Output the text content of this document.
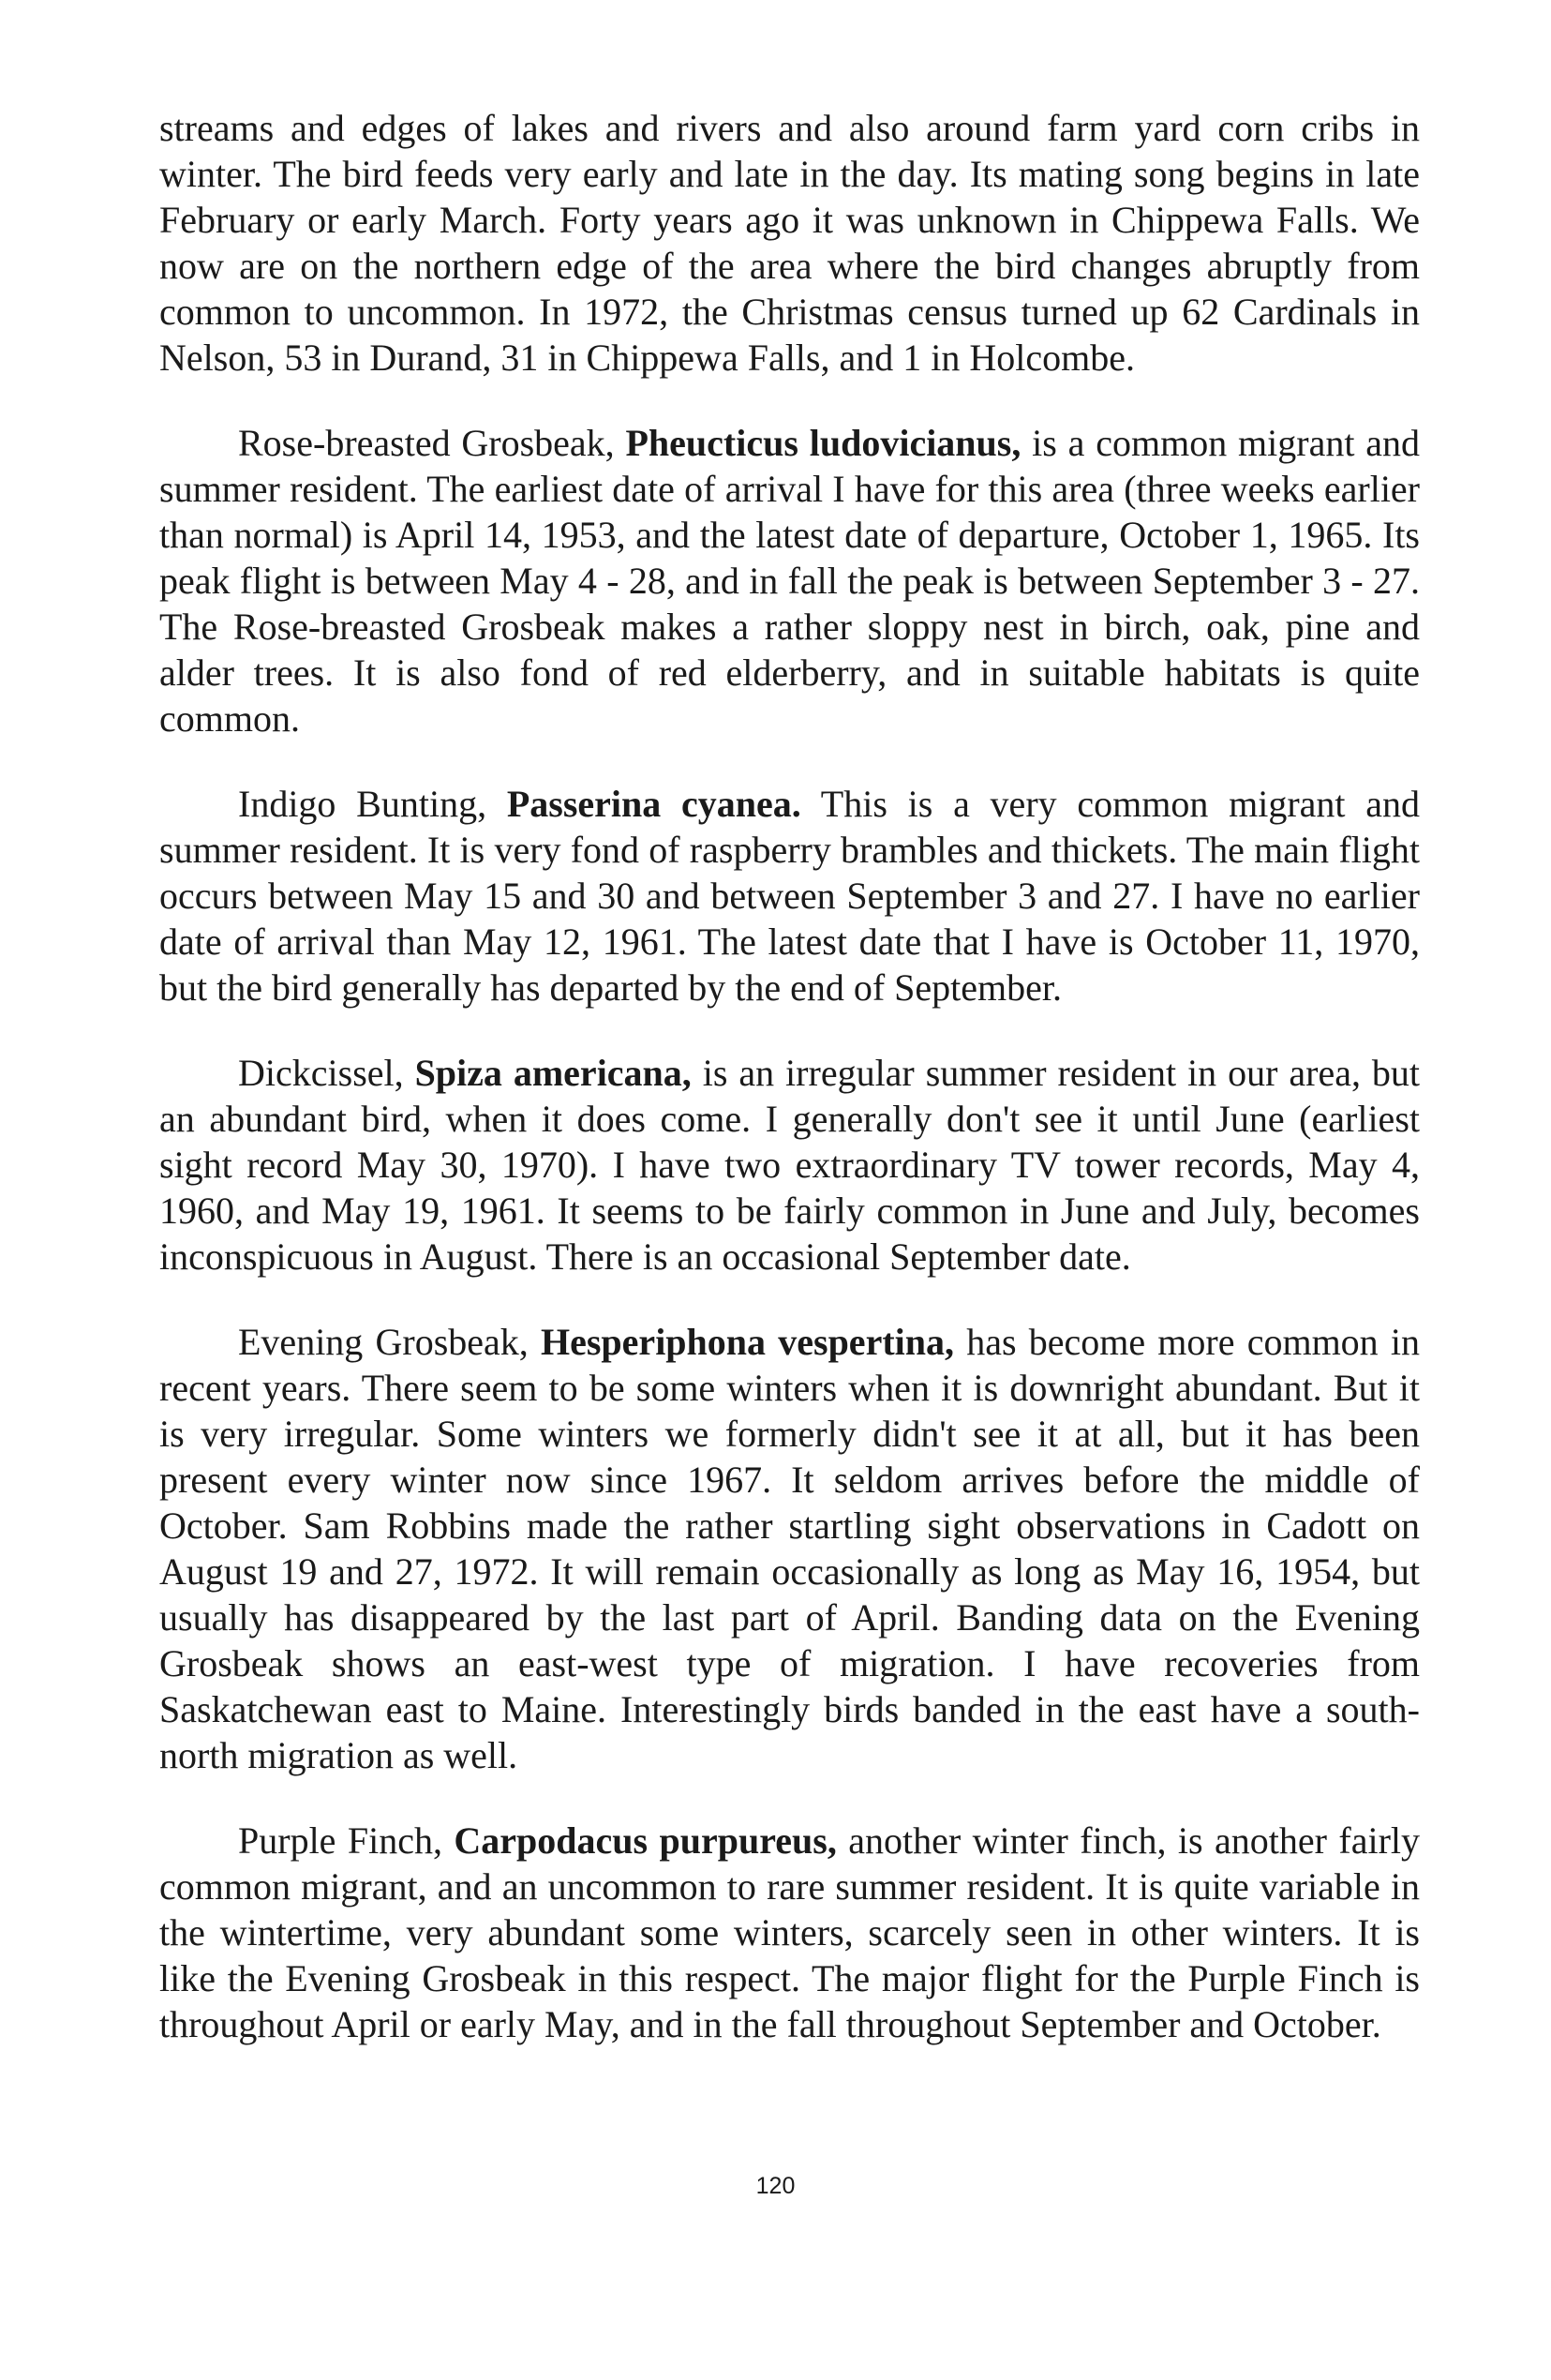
streams and edges of lakes and rivers and also around farm yard corn cribs in winter. The bird feeds very early and late in the day. Its mating song begins in late February or early March. Forty years ago it was unknown in Chippewa Falls. We now are on the northern edge of the area where the bird changes abruptly from common to uncommon. In 1972, the Christmas census turned up 62 Cardinals in Nelson, 53 in Durand, 31 in Chippewa Falls, and 1 in Holcombe.

Rose-breasted Grosbeak, Pheucticus ludovicianus, is a common migrant and summer resident. The earliest date of arrival I have for this area (three weeks earlier than normal) is April 14, 1953, and the latest date of departure, October 1, 1965. Its peak flight is between May 4 - 28, and in fall the peak is between September 3 - 27. The Rose-breasted Grosbeak makes a rather sloppy nest in birch, oak, pine and alder trees. It is also fond of red elderberry, and in suitable habitats is quite common.

Indigo Bunting, Passerina cyanea. This is a very common migrant and summer resident. It is very fond of raspberry brambles and thickets. The main flight occurs between May 15 and 30 and between September 3 and 27. I have no earlier date of arrival than May 12, 1961. The latest date that I have is October 11, 1970, but the bird generally has departed by the end of September.

Dickcissel, Spiza americana, is an irregular summer resident in our area, but an abundant bird, when it does come. I generally don't see it until June (earliest sight record May 30, 1970). I have two extraordinary TV tower records, May 4, 1960, and May 19, 1961. It seems to be fairly common in June and July, becomes inconspicuous in August. There is an occasional September date.

Evening Grosbeak, Hesperiphona vespertina, has become more common in recent years. There seem to be some winters when it is downright abundant. But it is very irregular. Some winters we formerly didn't see it at all, but it has been present every winter now since 1967. It seldom arrives before the middle of October. Sam Robbins made the rather startling sight observations in Cadott on August 19 and 27, 1972. It will remain occasionally as long as May 16, 1954, but usually has disappeared by the last part of April. Banding data on the Evening Grosbeak shows an east-west type of migration. I have recoveries from Saskatchewan east to Maine. Interestingly birds banded in the east have a south-north migration as well.

Purple Finch, Carpodacus purpureus, another winter finch, is another fairly common migrant, and an uncommon to rare summer resident. It is quite variable in the wintertime, very abundant some winters, scarcely seen in other winters. It is like the Evening Grosbeak in this respect. The major flight for the Purple Finch is throughout April or early May, and in the fall throughout September and October.

120
